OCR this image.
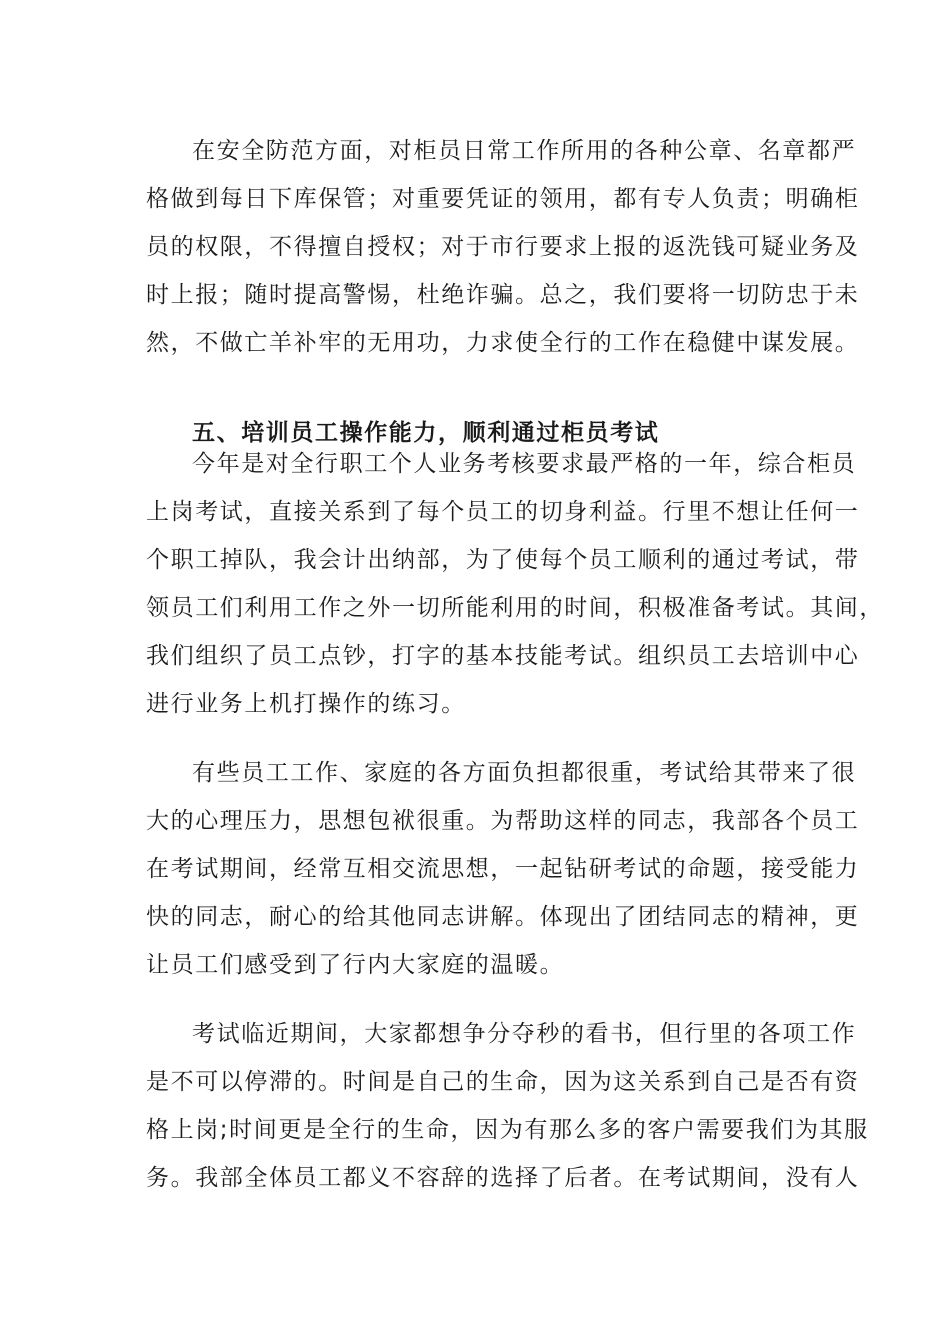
在安全防范方面，对柜员日常工作所用的各种公章、名章都严
格做到每日下库保管；对重要凭证的领用，都有专人负责；明确柜
员的权限，不得擅自授权；对于市行要求上报的返洗钱可疑业务及
时上报；随时提高警惕，杜绝诈骗。总之，我们要将一切防忠于未
然，不做亡羊补牢的无用功，力求使全行的工作在稳健中谋发展。
五、培训员工操作能力，顺利通过柜员考试
今年是对全行职工个人业务考核要求最严格的一年，综合柜员
上岗考试，直接关系到了每个员工的切身利益。行里不想让任何一
个职工掉队，我会计出纳部，为了使每个员工顺利的通过考试，带
领员工们利用工作之外一切所能利用的时间，积极准备考试。其间，
我们组织了员工点钞，打字的基本技能考试。组织员工去培训中心
进行业务上机打操作的练习。
有些员工工作、家庭的各方面负担都很重，考试给其带来了很
大的心理压力，思想包袱很重。为帮助这样的同志，我部各个员工
在考试期间，经常互相交流思想，一起钻研考试的命题，接受能力
快的同志，耐心的给其他同志讲解。体现出了团结同志的精神，更
让员工们感受到了行内大家庭的温暖。
考试临近期间，大家都想争分夺秒的看书，但行里的各项工作
是不可以停滞的。时间是自己的生命，因为这关系到自己是否有资
格上岗;时间更是全行的生命，因为有那么多的客户需要我们为其服
务。我部全体员工都义不容辞的选择了后者。在考试期间，没有人
